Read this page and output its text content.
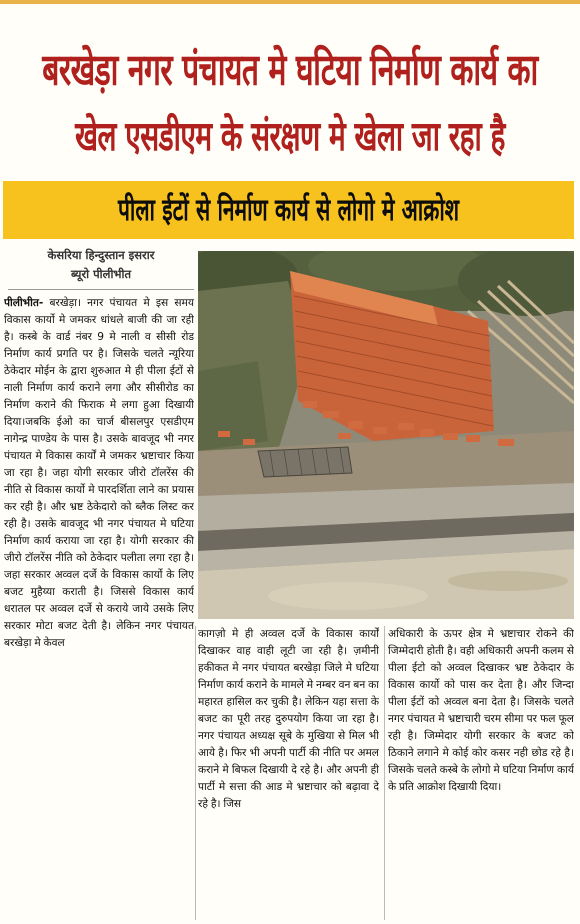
बरखेड़ा नगर पंचायत मे घटिया निर्माण कार्य का
खेल एसडीएम के संरक्षण मे खेला जा रहा है
पीला ईटों से निर्माण कार्य से लोगो मे आक्रोश
केसरिया हिन्दुस्तान इसरार
ब्यूरो पीलीभीत

पीलीभीत- बरखेड़ा। नगर पंचायत मे इस समय विकास कार्यो मे जमकर धांधले बाजी की जा रही है। कस्बे के वार्ड नंबर 9 मे नाली व सीसी रोड निर्माण कार्य प्रगति पर है। जिसके चलते न्यूरिया ठेकेदार मोईन के द्वारा शुरुआत मे ही पीला ईटों से नाली निर्माण कार्य कराने लगा और सीसीरोड का निर्माण कराने की फिराक मे लगा हुआ दिखायी दिया।जबकि ईओ का चार्ज बीसलपुर एसडीएम नागेन्द्र पाण्डेय के पास है। उसके बावजूद भी नगर पंचायत मे विकास कार्यों मे जमकर भ्रष्टाचार किया जा रहा है। जहा योगी सरकार जीरो टॉलरेंस की नीति से विकास कार्यो मे पारदर्शिता लाने का प्रयास कर रही है। और भ्रष्ट ठेकेदारो को ब्लैक लिस्ट कर रही है। उसके बावजूद भी नगर पंचायत मे घटिया निर्माण कार्य कराया जा रहा है। योगी सरकार की जीरो टॉलरेंस नीति को ठेकेदार पलीता लगा रहा है। जहा सरकार अव्वल दर्जे के विकास कार्यो के लिए बजट मुहैय्या कराती है। जिससे विकास कार्य धरातल पर अव्वल दर्जे से कराये जाये उसके लिए सरकार मोटा बजट देती है। लेकिन नगर पंचायत बरखेड़ा मे केवल

कागज़ो मे ही अव्वल दर्जे के विकास कार्यों दिखाकर वाह वाही लूटी जा रही है। ज़मीनी हकीकत मे नगर पंचायत बरखेड़ा जिले मे घटिया निर्माण कार्य कराने के मामले मे नम्बर वन बन का महारत हासिल कर चुकी है। लेकिन यहा सत्ता के बजट का पूरी तरह दुरुपयोग किया जा रहा है। नगर पंचायत अध्यक्ष सूबे के मुखिया से मिल भी आये है। फिर भी अपनी पार्टी की नीति पर अमल कराने मे बिफल दिखायी दे रहे है। और अपनी ही पार्टी मे सत्ता की आड मे भ्रष्टाचार को बढ़ावा दे रहे है। जिस

अधिकारी के ऊपर क्षेत्र मे भ्रष्टाचार रोकने की जिम्मेदारी होती है। वही अधिकारी अपनी कलम से पीला ईटो को अव्वल दिखाकर भ्रष्ट ठेकेदार के विकास कार्यो को पास कर देता है। और जिन्दा पीला ईटों को अव्वल बना देता है। जिसके चलते नगर पंचायत मे भ्रष्टाचारी चरम सीमा पर फल फूल रही है। जिम्मेदार योगी सरकार के बजट को ठिकाने लगाने मे कोई कोर कसर नही छोड रहे है। जिसके चलते कस्बे के लोगो मे घटिया निर्माण कार्य के प्रति आक्रोश दिखायी दिया।
